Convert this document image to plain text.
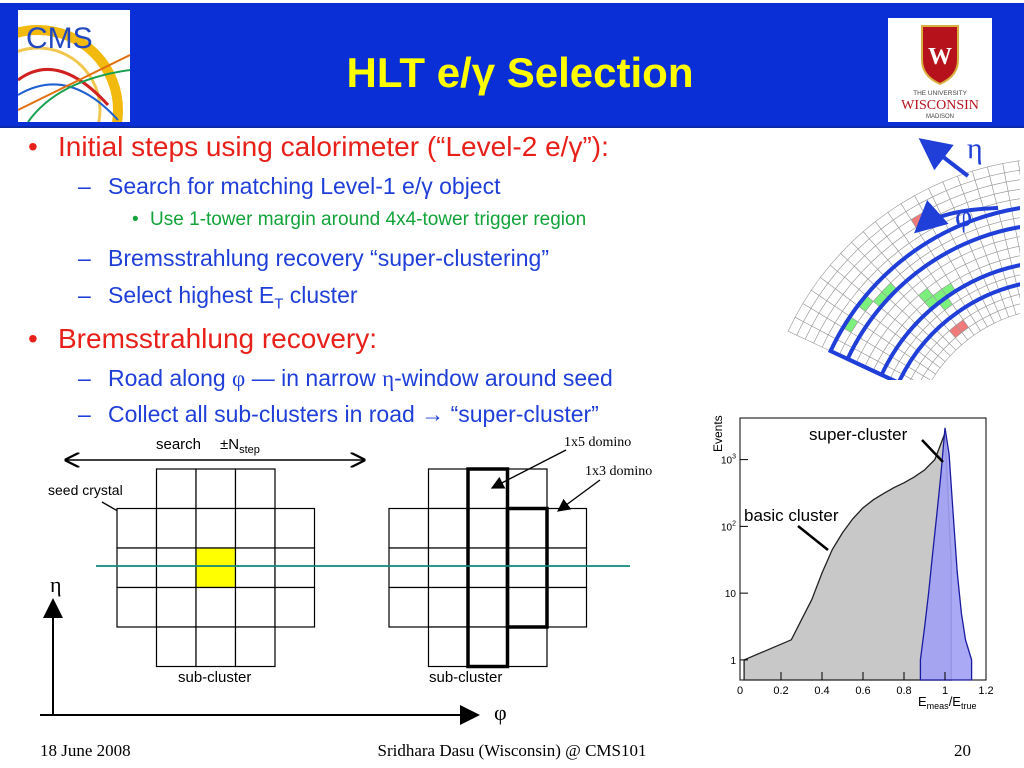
CMS
HLT e/γ Selection	W
THE UNIVERSITY
WISCONSIN
MADISON
• Initial steps using calorimeter (“Level-2 e/γ”):
– Search for matching Level-1 e/γ object
• Use 1-tower margin around 4x4-tower trigger region
– Bremsstrahlung recovery “super-clustering”
– Select highest $E_T$ cluster
• Bremsstrahlung recovery:
– Road along φ — in narrow η-window around seed
– Collect all sub-clusters in road → “super-cluster”
η
φ
search $\pm N_{step}$
seed crystal
sub-cluster	sub-cluster
1x5 domino
1x3 domino
η
φ
0	0.2 0.4 0.6 0.8	1	1.2
1
10
$10^2$
$10^3$
Events
$E_{meas}/E_{true}$
super-cluster
basic cluster
18 June 2008	Sridhara Dasu (Wisconsin) @ CMS101	20
